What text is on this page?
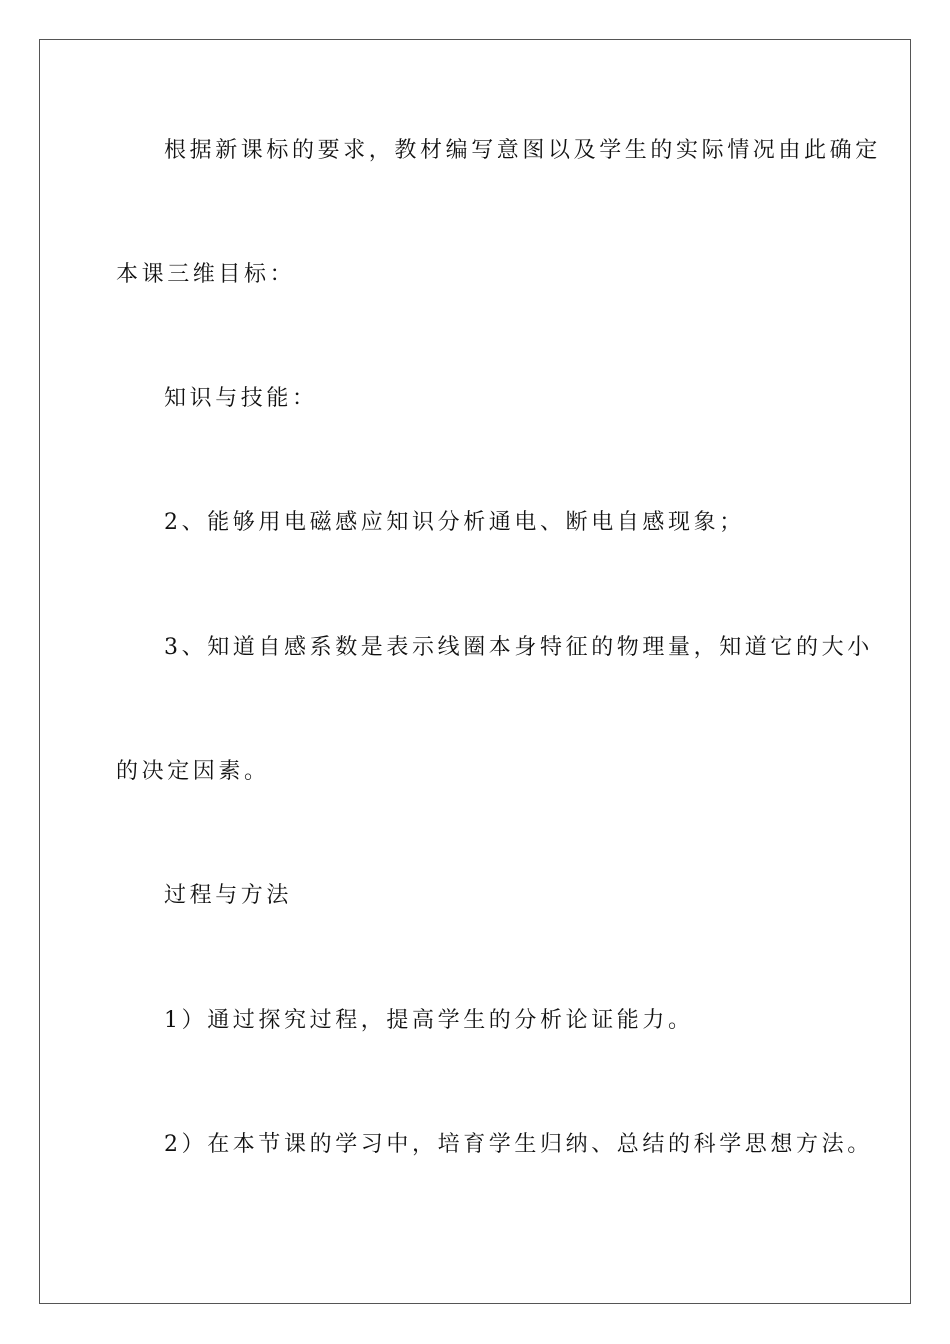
根据新课标的要求，教材编写意图以及学生的实际情况由此确定
本课三维目标：
知识与技能：
2、能够用电磁感应知识分析通电、断电自感现象；
3、知道自感系数是表示线圈本身特征的物理量，知道它的大小
的决定因素。
过程与方法
1）通过探究过程，提高学生的分析论证能力。
2）在本节课的学习中，培育学生归纳、总结的科学思想方法。
